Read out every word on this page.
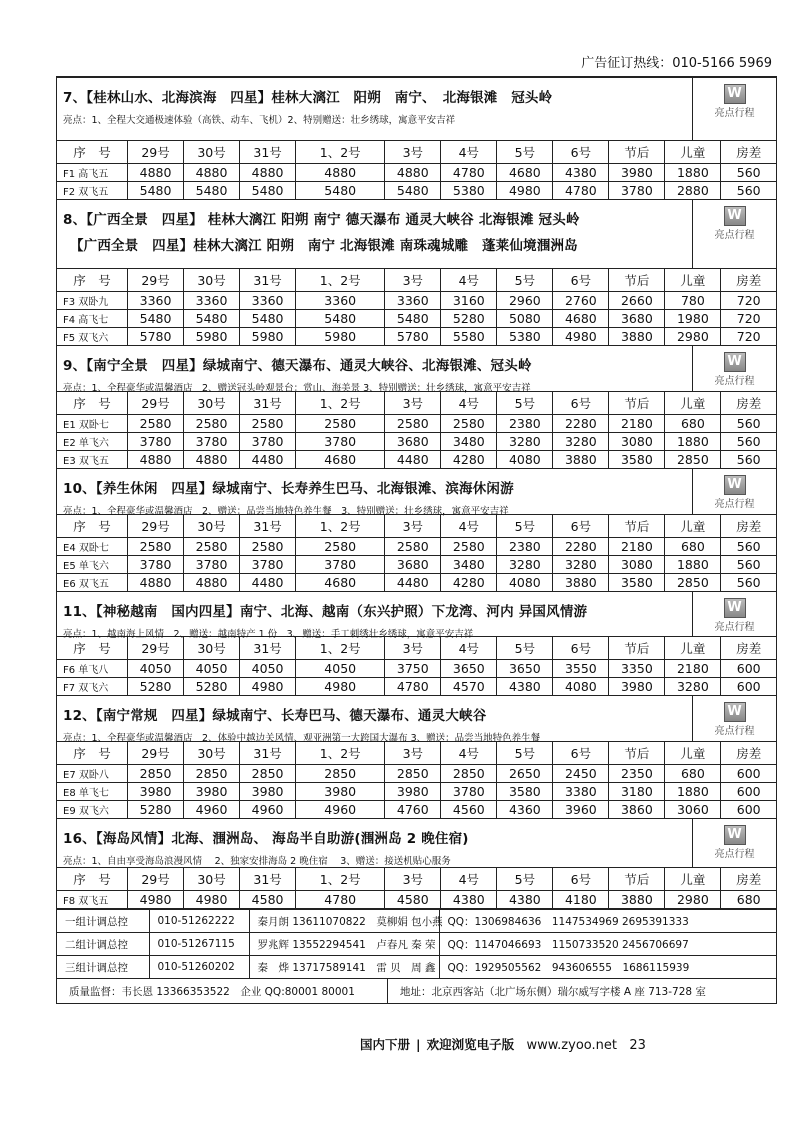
广告征订热线：010-5166 5969
7、【桂林山水、北海滨海　四星】桂林大漓江　阳朔　南宁、　北海银滩　冠头岭
亮点：1、全程大交通极速体验（高铁、动车、飞机）2、特别赠送：壮乡绣球，寓意平安吉祥
W
亮点行程
序　号	29号	30号	31号	1、2号	3号	4号	5号	6号	节后	儿童	房差
F1 高飞五	4880	4880	4880	4880	4880	4780	4680	4380	3980	1880	560
F2 双飞五	5480	5480	5480	5480	5480	5380	4980	4780	3780	2880	560
8、【广西全景　四星】 桂林大漓江 阳朔 南宁 德天瀑布 通灵大峡谷 北海银滩 冠头岭
　【广西全景　四星】桂林大漓江 阳朔　南宁 北海银滩 南珠魂城雕　蓬莱仙境涠洲岛
W
亮点行程
序　号	29号	30号	31号	1、2号	3号	4号	5号	6号	节后	儿童	房差
F3 双卧九	3360	3360	3360	3360	3360	3160	2960	2760	2660	780	720
F4 高飞七	5480	5480	5480	5480	5480	5280	5080	4680	3680	1980	720
F5 双飞六	5780	5980	5980	5980	5780	5580	5380	4980	3880	2980	720
9、【南宁全景　四星】绿城南宁、德天瀑布、通灵大峡谷、北海银滩、冠头岭
亮点：1、全程豪华或温馨酒店　2、赠送冠头岭观景台：赏山、海美景 3、特别赠送：壮乡绣球，寓意平安吉祥
W
亮点行程
序　号	29号	30号	31号	1、2号	3号	4号	5号	6号	节后	儿童	房差
E1 双卧七	2580	2580	2580	2580	2580	2580	2380	2280	2180	680	560
E2 单飞六	3780	3780	3780	3780	3680	3480	3280	3280	3080	1880	560
E3 双飞五	4880	4880	4480	4680	4480	4280	4080	3880	3580	2850	560
10、【养生休闲　四星】绿城南宁、长寿养生巴马、北海银滩、滨海休闲游
亮点：1、全程豪华或温馨酒店　2、赠送：品尝当地特色养生餐　3、特别赠送：壮乡绣球，寓意平安吉祥
W
亮点行程
序　号	29号	30号	31号	1、2号	3号	4号	5号	6号	节后	儿童	房差
E4 双卧七	2580	2580	2580	2580	2580	2580	2380	2280	2180	680	560
E5 单飞六	3780	3780	3780	3780	3680	3480	3280	3280	3080	1880	560
E6 双飞五	4880	4880	4480	4680	4480	4280	4080	3880	3580	2850	560
11、【神秘越南　国内四星】南宁、北海、越南（东兴护照）下龙湾、河内 异国风情游
亮点：1、越南海上风情　2、赠送：越南特产 1 份　3、赠送：手工刺绣壮乡绣球，寓意平安吉祥
W
亮点行程
序　号	29号	30号	31号	1、2号	3号	4号	5号	6号	节后	儿童	房差
F6 单飞八	4050	4050	4050	4050	3750	3650	3650	3550	3350	2180	600
F7 双飞六	5280	5280	4980	4980	4780	4570	4380	4080	3980	3280	600
12、【南宁常规　四星】绿城南宁、长寿巴马、德天瀑布、通灵大峡谷
亮点：1、全程豪华或温馨酒店　2、体验中越边关风情、观亚洲第一大跨国大瀑布 3、赠送：品尝当地特色养生餐
W
亮点行程
序　号	29号	30号	31号	1、2号	3号	4号	5号	6号	节后	儿童	房差
E7 双卧八	2850	2850	2850	2850	2850	2850	2650	2450	2350	680	600
E8 单飞七	3980	3980	3980	3980	3980	3780	3580	3380	3180	1880	600
E9 双飞六	5280	4960	4960	4960	4760	4560	4360	3960	3860	3060	600
16、【海岛风情】北海、涠洲岛、 海岛半自助游(涠洲岛 2 晚住宿)
亮点：1、自由享受海岛浪漫风情　 2、独家安排海岛 2 晚住宿　 3、赠送：接送机贴心服务
W
亮点行程
序　号	29号	30号	31号	1、2号	3号	4号	5号	6号	节后	儿童	房差
F8 双飞五	4980	4980	4580	4780	4580	4380	4380	4180	3880	2980	680
一组计调总控	010-51262222	秦月朗 13611070822　莫柳娟 包小燕	QQ：1306984636　1147534969 2695391333
二组计调总控	010-51267115	罗兆辉 13552294541　卢春凡 秦 荣	QQ：1147046693　1150733520 2456706697
三组计调总控	010-51260202	秦　烨 13717589141　雷 贝　周 鑫	QQ：1929505562　943606555　1686115939
质量监督：韦长恩 13366353522　企业 QQ:80001 80001	地址：北京西客站（北广场东侧）瑞尔威写字楼 A 座 713-728 室
国内下册 | 欢迎浏览电子版 www.zyoo.net 23
